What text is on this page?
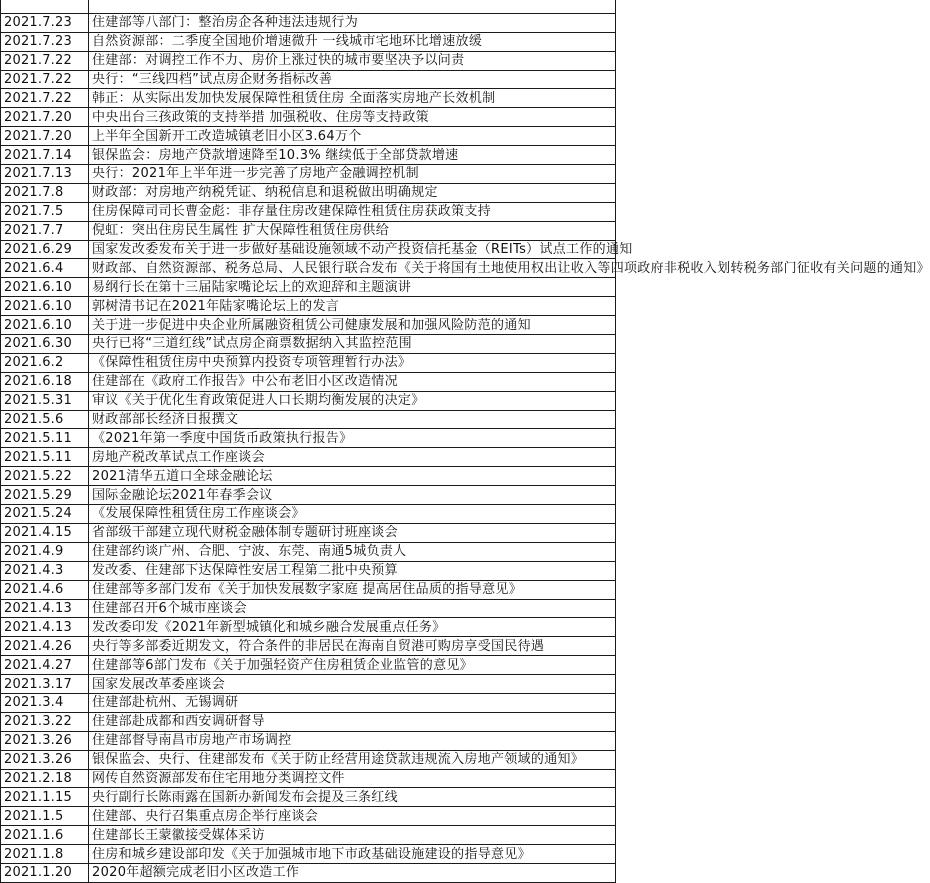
2021.7.23	住建部等八部门：整治房企各种违法违规行为
2021.7.23	自然资源部：二季度全国地价增速微升 一线城市宅地环比增速放缓
2021.7.22	住建部：对调控工作不力、房价上涨过快的城市要坚决予以问责
2021.7.22	央行：“三线四档”试点房企财务指标改善
2021.7.22	韩正：从实际出发加快发展保障性租赁住房 全面落实房地产长效机制
2021.7.20	中央出台三孩政策的支持举措 加强税收、住房等支持政策
2021.7.20	上半年全国新开工改造城镇老旧小区3.64万个
2021.7.14	银保监会：房地产贷款增速降至10.3% 继续低于全部贷款增速
2021.7.13	央行：2021年上半年进一步完善了房地产金融调控机制
2021.7.8	财政部：对房地产纳税凭证、纳税信息和退税做出明确规定
2021.7.5	住房保障司司长曹金彪：非存量住房改建保障性租赁住房获政策支持
2021.7.7	倪虹：突出住房民生属性 扩大保障性租赁住房供给
2021.6.29	国家发改委发布关于进一步做好基础设施领域不动产投资信托基金（REITs）试点工作的通知
2021.6.4	财政部、自然资源部、税务总局、人民银行联合发布《关于将国有土地使用权出让收入等四项政府非税收入划转税务部门征收有关问题的通知》
2021.6.10	易纲行长在第十三届陆家嘴论坛上的欢迎辞和主题演讲
2021.6.10	郭树清书记在2021年陆家嘴论坛上的发言
2021.6.10	关于进一步促进中央企业所属融资租赁公司健康发展和加强风险防范的通知
2021.6.30	央行已将“三道红线”试点房企商票数据纳入其监控范围
2021.6.2	《保障性租赁住房中央预算内投资专项管理暂行办法》
2021.6.18	住建部在《政府工作报告》中公布老旧小区改造情况
2021.5.31	审议《关于优化生育政策促进人口长期均衡发展的决定》
2021.5.6	财政部部长经济日报撰文
2021.5.11	《2021年第一季度中国货币政策执行报告》
2021.5.11	房地产税改革试点工作座谈会
2021.5.22	2021清华五道口全球金融论坛
2021.5.29	国际金融论坛2021年春季会议
2021.5.24	《发展保障性租赁住房工作座谈会》
2021.4.15	省部级干部建立现代财税金融体制专题研讨班座谈会
2021.4.9	住建部约谈广州、合肥、宁波、东莞、南通5城负责人
2021.4.3	发改委、住建部下达保障性安居工程第二批中央预算
2021.4.6	住建部等多部门发布《关于加快发展数字家庭 提高居住品质的指导意见》
2021.4.13	住建部召开6个城市座谈会
2021.4.13	发改委印发《2021年新型城镇化和城乡融合发展重点任务》
2021.4.26	央行等多部委近期发文，符合条件的非居民在海南自贸港可购房享受国民待遇
2021.4.27	住建部等6部门发布《关于加强轻资产住房租赁企业监管的意见》
2021.3.17	国家发展改革委座谈会
2021.3.4	住建部赴杭州、无锡调研
2021.3.22	住建部赴成都和西安调研督导
2021.3.26	住建部督导南昌市房地产市场调控
2021.3.26	银保监会、央行、住建部发布《关于防止经营用途贷款违规流入房地产领域的通知》
2021.2.18	网传自然资源部发布住宅用地分类调控文件
2021.1.15	央行副行长陈雨露在国新办新闻发布会提及三条红线
2021.1.5	住建部、央行召集重点房企举行座谈会
2021.1.6	住建部长王蒙徽接受媒体采访
2021.1.8	住房和城乡建设部印发《关于加强城市地下市政基础设施建设的指导意见》
2021.1.20	2020年超额完成老旧小区改造工作
